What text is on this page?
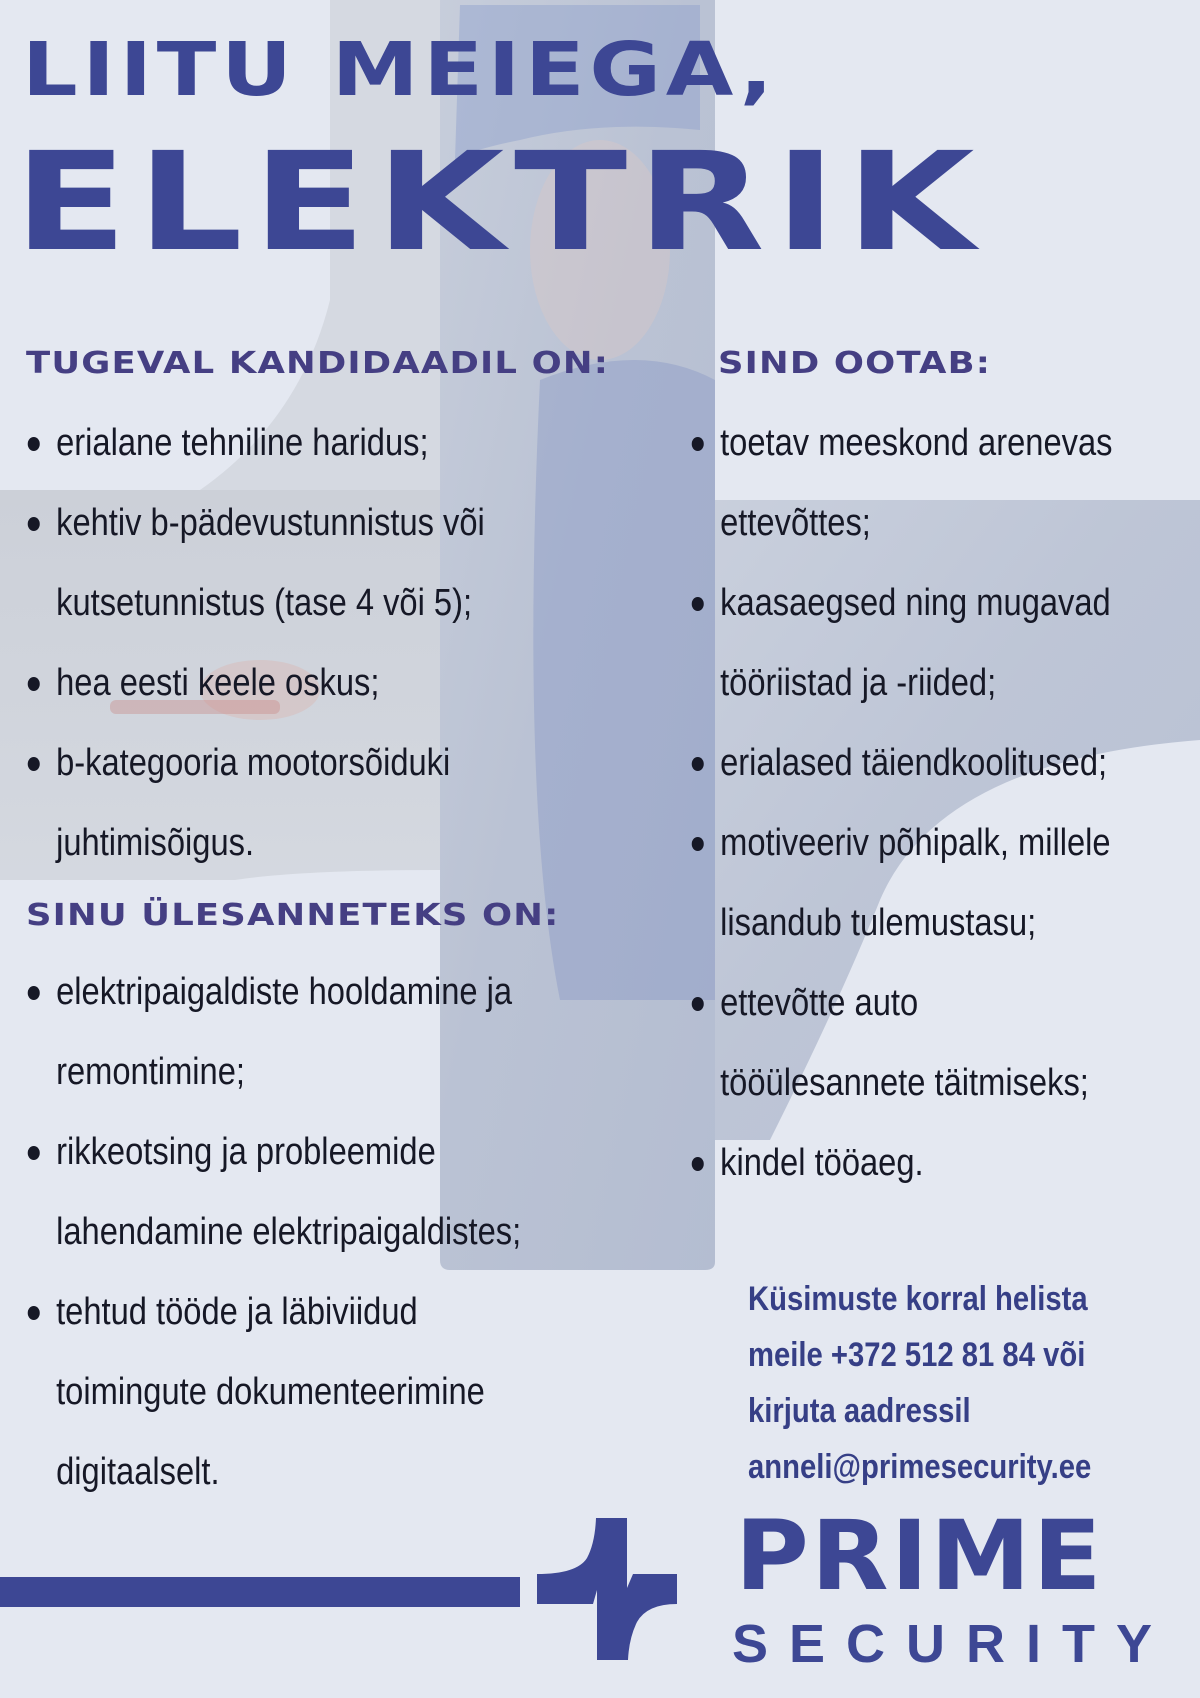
LIITU MEIEGA,
ELEKTRIK
TUGEVAL KANDIDAADIL ON:
erialane tehniline haridus;
kehtiv b-pädevustunnistus või
kutsetunnistus (tase 4 või 5);
hea eesti keele oskus;
b-kategooria mootorsõiduki
juhtimisõigus.
SINU ÜLESANNETEKS ON:
elektripaigaldiste hooldamine ja
remontimine;
rikkeotsing ja probleemide
lahendamine elektripaigaldistes;
tehtud tööde ja läbiviidud
toimingute dokumenteerimine
digitaalselt.
SIND OOTAB:
toetav meeskond arenevas
ettevõttes;
kaasaegsed ning mugavad
tööriistad ja -riided;
erialased täiendkoolitused;
motiveeriv põhipalk, millele
lisandub tulemustasu;
ettevõtte auto
tööülesannete täitmiseks;
kindel tööaeg.
Küsimuste korral helista
meile +372 512 81 84 või
kirjuta aadressil
anneli@primesecurity.ee
PRIME
SECURITY
